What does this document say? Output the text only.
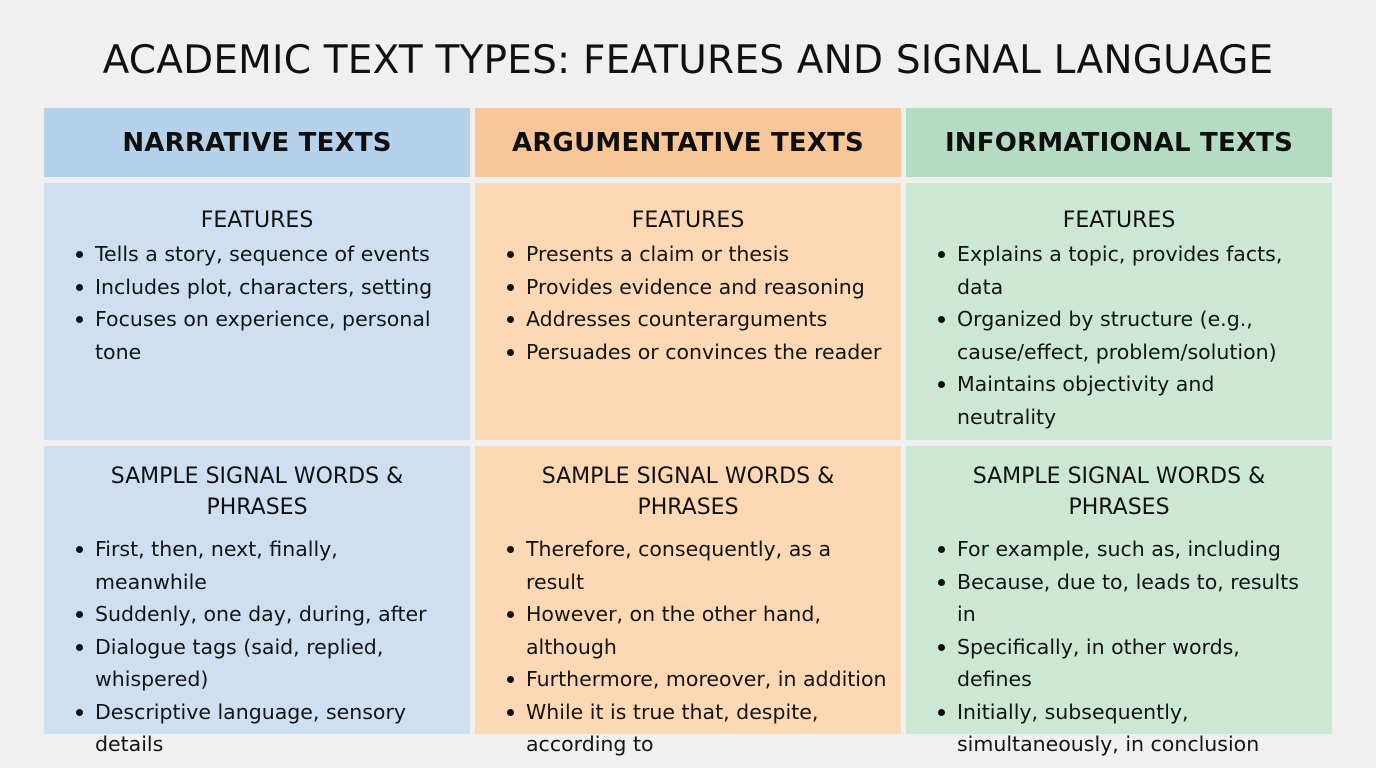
ACADEMIC TEXT TYPES: FEATURES AND SIGNAL LANGUAGE
NARRATIVE TEXTS	ARGUMENTATIVE TEXTS	INFORMATIONAL TEXTS
FEATURES
Tells a story, sequence of events
Includes plot, characters, setting
Focuses on experience, personal tone
FEATURES
Presents a claim or thesis
Provides evidence and reasoning
Addresses counterarguments
Persuades or convinces the reader
FEATURES
Explains a topic, provides facts, data
Organized by structure (e.g., cause/effect, problem/solution)
Maintains objectivity and neutrality
SAMPLE SIGNAL WORDS & PHRASES
First, then, next, finally, meanwhile
Suddenly, one day, during, after
Dialogue tags (said, replied, whispered)
Descriptive language, sensory details
SAMPLE SIGNAL WORDS & PHRASES
Therefore, consequently, as a result
However, on the other hand, although
Furthermore, moreover, in addition
While it is true that, despite, according to
SAMPLE SIGNAL WORDS & PHRASES
For example, such as, including
Because, due to, leads to, results in
Specifically, in other words, defines
Initially, subsequently, simultaneously, in conclusion
